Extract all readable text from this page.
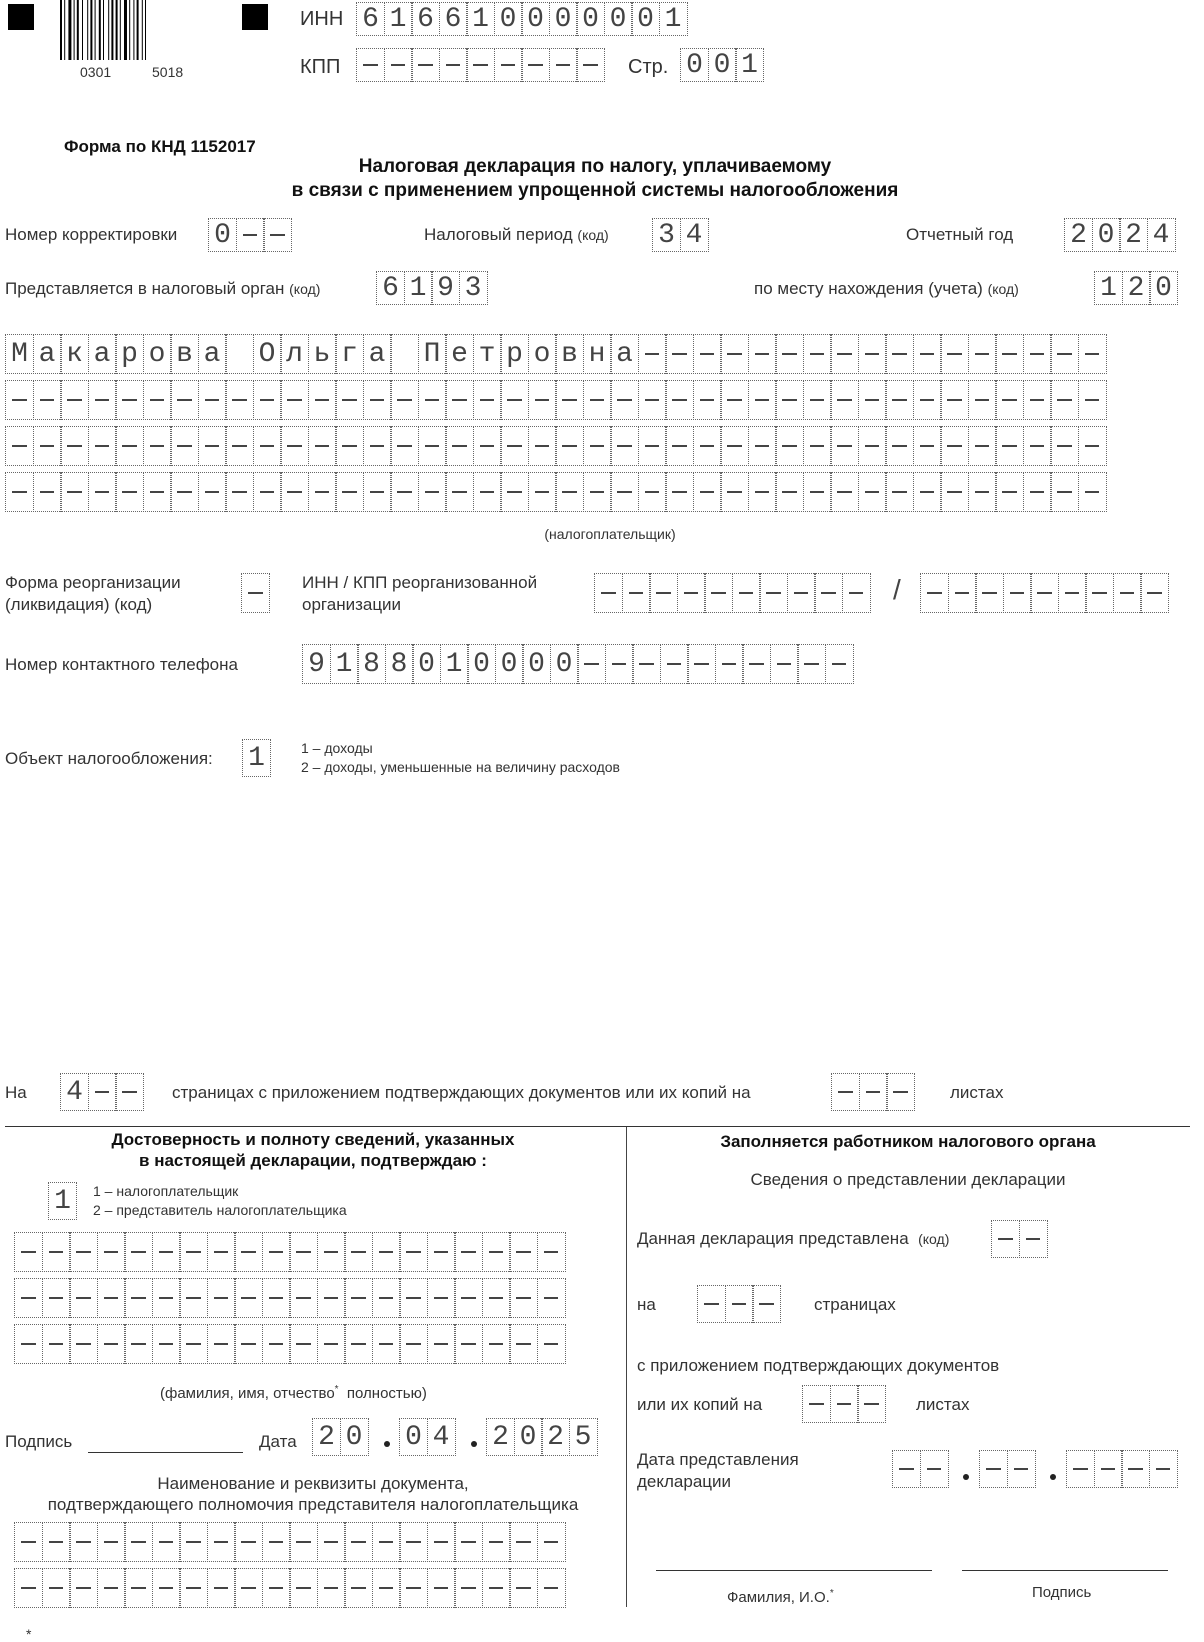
0301	5018
ИНН 6 1 6 6 1 0 0 0 0 0 0 1
КПП	Стр. 0 0 1
Форма по КНД 1152017
Налоговая декларация по налогу, уплачиваемому
в связи с применением упрощенной системы налогообложения
Номер корректировки 0	Налоговый период (код) 3 4	Отчетный год 2 0 2 4
Представляется в налоговый орган (код) 6 1 9 3	по месту нахождения (учета) (код)	1 2 0
М а к а р о в а О л ь г а П е т р о в н а
(налогоплательщик)
Форма реорганизации
(ликвидация) (код)
ИНН / КПП реорганизованной
организации	/
Номер контактного телефона	9 1 8 8 0 1 0 0 0 0
Объект налогообложения: 1	1 – доходы
2 – доходы, уменьшенные на величину расходов
На 4	страницах с приложением подтверждающих документов или их копий на	листах
Достоверность и полноту сведений, указанных
в настоящей декларации, подтверждаю :
1	1 – налогоплательщик
2 – представитель налогоплательщика
(фамилия, имя, отчество* полностью)
Подпись	Дата 2 0 0 4 2 0 2 5
Наименование и реквизиты документа,
подтверждающего полномочия представителя налогоплательщика
Заполняется работником налогового органа
Сведения о представлении декларации
Данная декларация представлена (код)
на	страницах
с приложением подтверждающих документов
или их копий на	листах
Дата представления
декларации
Фамилия, И.О.*	Подпись
*
